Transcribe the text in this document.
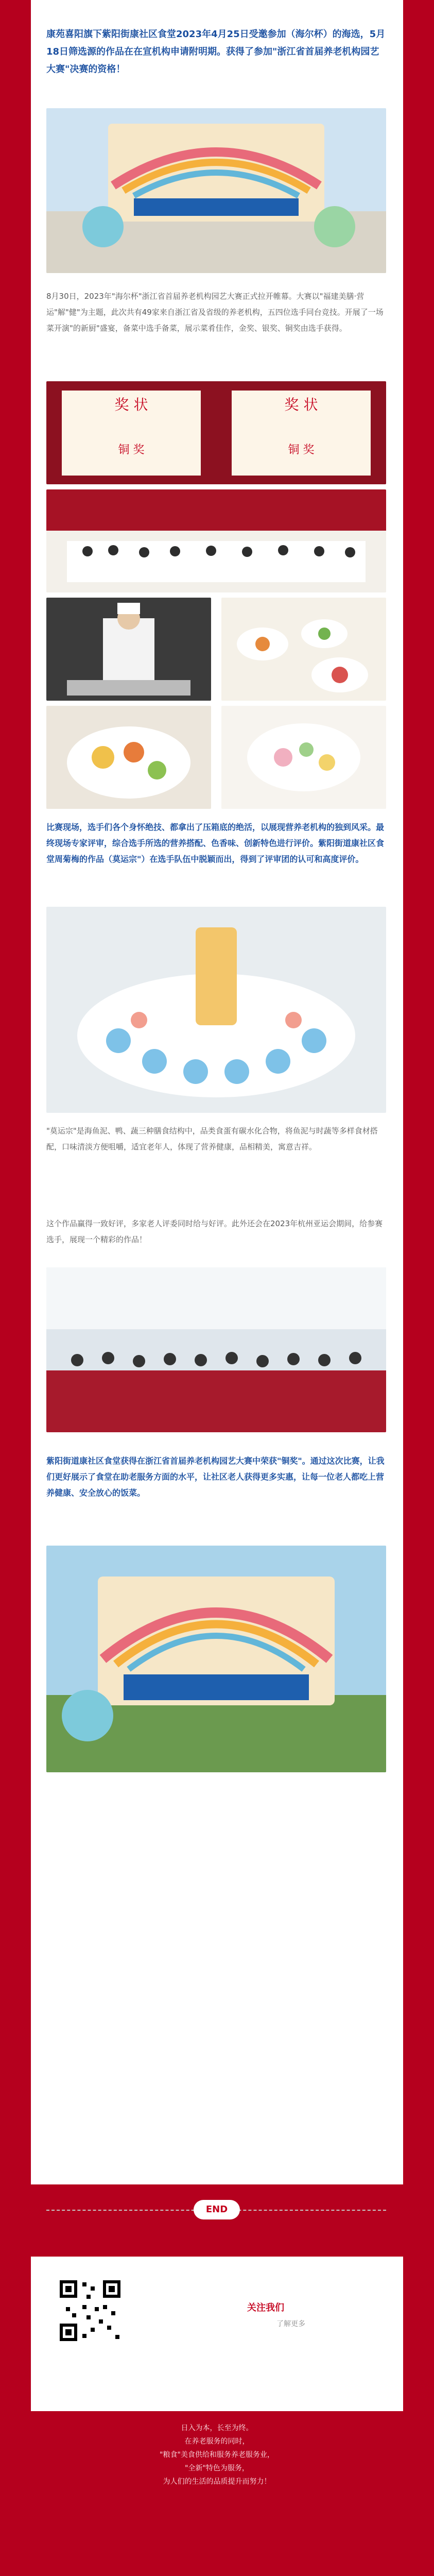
康苑喜阳旗下紫阳街康社区食堂2023年4月25日受邀参加（海尔杯）的海选，5月18日筛选源的作品在在宣机构申请附明期。获得了参加"浙江省首届养老机构园艺大赛"决赛的资格！
8月30日，2023年"海尔杯"浙江省首届养老机构园艺大赛正式拉开帷幕。大赛以"福建美膳·营运"解"健"为主题，此次共有49家来自浙江省及省级的养老机构，五四位选手同台竞技。开展了一场菜开演"的新厨"盛宴，备菜中选手备菜，展示菜肴佳作，金奖、银奖、铜奖由选手获得。
奖 状	奖 状
铜 奖	铜 奖
比赛现场，选手们各个身怀绝技、都拿出了压箱底的绝活，以展现营养老机构的独到风采。最终现场专家评审，综合选手所选的营养搭配、色香味、创新特色进行评价。紫阳街道康社区食堂周菊梅的作品（莫运宗"）在选手队伍中脱颖而出，得到了评审团的认可和高度评价。
"莫运宗"是海鱼泥、鸭、蔬三种膳食结构中，品类食蛋有碳水化合物，将鱼泥与时蔬等多样食材搭配，口味清淡方便咀嚼，适宜老年人，体现了营养健康，品相精美，寓意吉祥。
这个作品赢得一致好评，多家老人评委同时给与好评。此外还会在2023年杭州亚运会期间，给参赛选手，展现一个精彩的作品！
紫阳街道康社区食堂获得在浙江省首届养老机构园艺大赛中荣获"铜奖"。通过这次比赛，让我们更好展示了食堂在助老服务方面的水平，让社区老人获得更多实惠，让每一位老人都吃上营养健康、安全放心的饭菜。
END
关注我们
了解更多
日入为本，长至为终。
在养老服务的同时，
"粮食"美食供给和服务养老服务业，
"全新"特色为服务，
为人们的生活的品质提升而努力！
